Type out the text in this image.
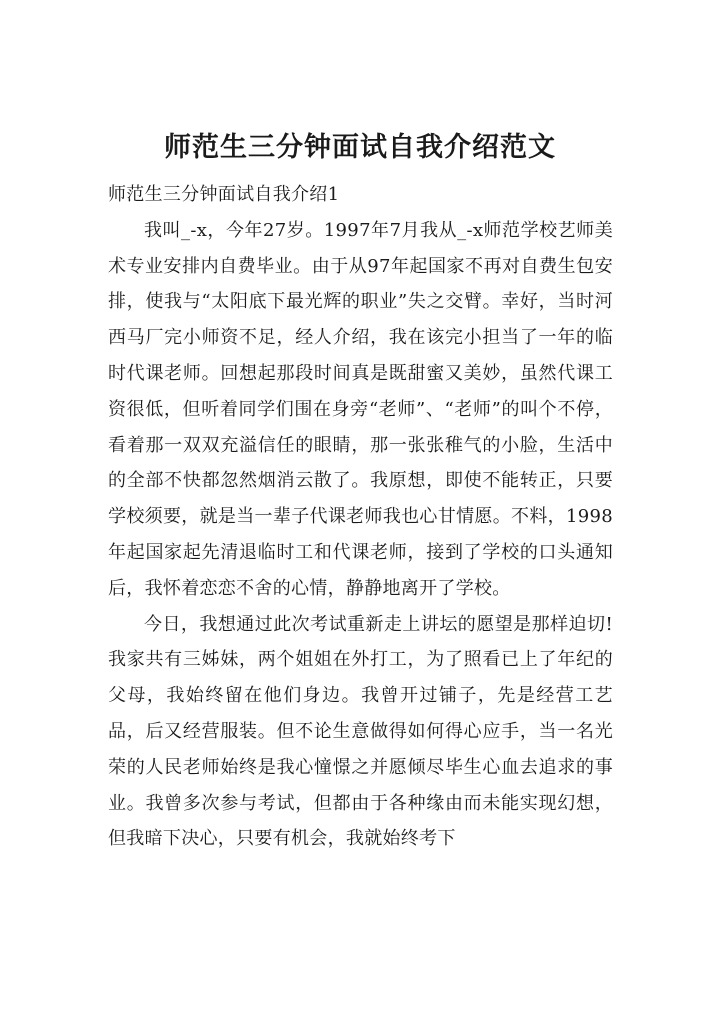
师范生三分钟面试自我介绍范文

师范生三分钟面试自我介绍1

我叫_-x，今年27岁。1997年7月我从_-x师范学校艺师美术专业安排内自费毕业。由于从97年起国家不再对自费生包安排，使我与“太阳底下最光辉的职业”失之交臂。幸好，当时河西马厂完小师资不足，经人介绍，我在该完小担当了一年的临时代课老师。回想起那段时间真是既甜蜜又美妙，虽然代课工资很低，但听着同学们围在身旁“老师”、“老师”的叫个不停，看着那一双双充溢信任的眼睛，那一张张稚气的小脸，生活中的全部不快都忽然烟消云散了。我原想，即使不能转正，只要学校须要，就是当一辈子代课老师我也心甘情愿。不料，1998年起国家起先清退临时工和代课老师，接到了学校的口头通知后，我怀着恋恋不舍的心情，静静地离开了学校。

今日，我想通过此次考试重新走上讲坛的愿望是那样迫切!我家共有三姊妹，两个姐姐在外打工，为了照看已上了年纪的父母，我始终留在他们身边。我曾开过铺子，先是经营工艺品，后又经营服装。但不论生意做得如何得心应手，当一名光荣的人民老师始终是我心憧憬之并愿倾尽毕生心血去追求的事业。我曾多次参与考试，但都由于各种缘由而未能实现幻想，但我暗下决心，只要有机会，我就始终考下
